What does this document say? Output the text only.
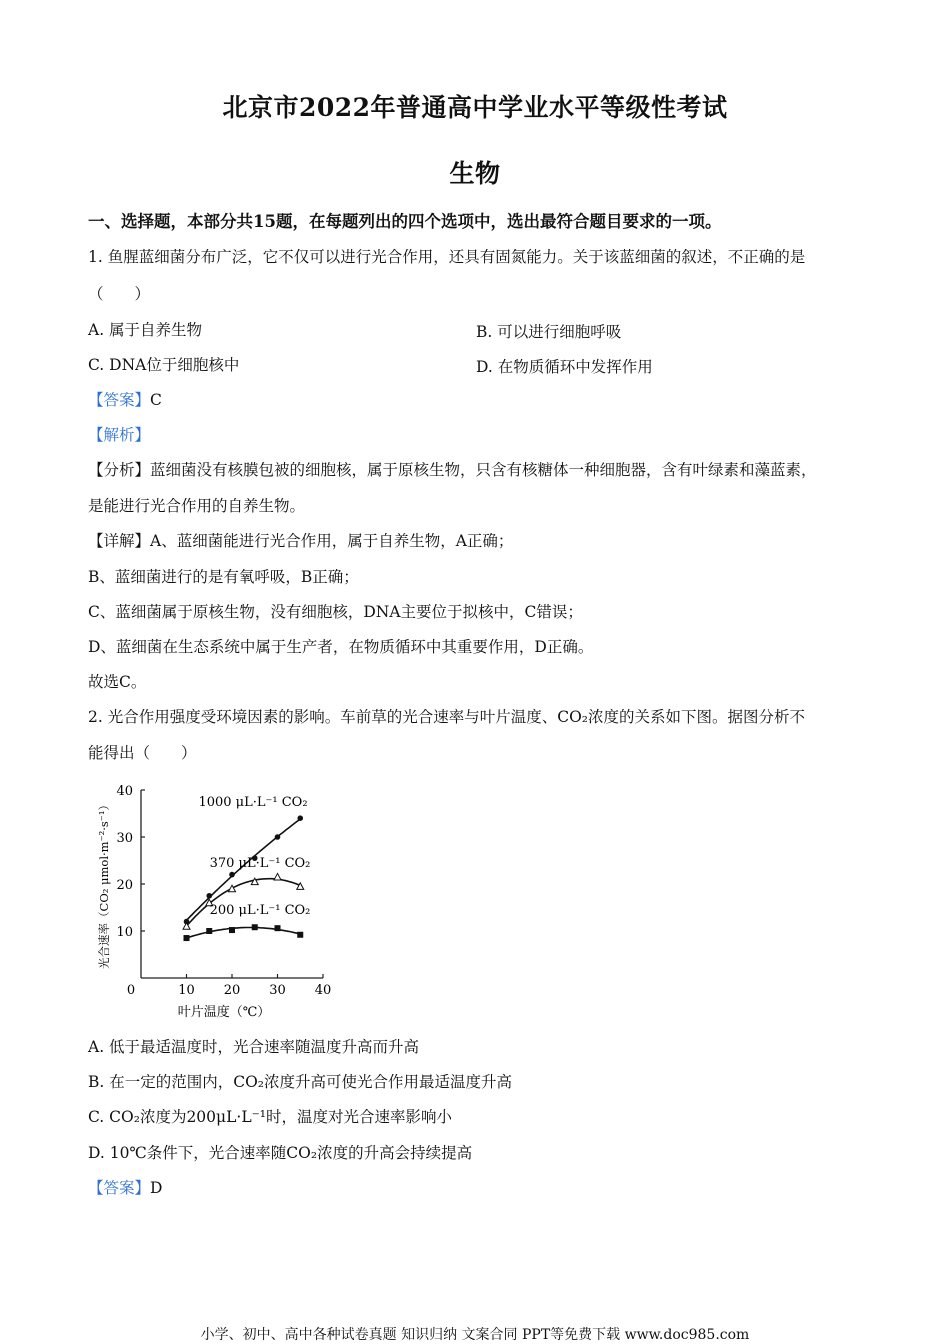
北京市2022年普通高中学业水平等级性考试
生物
一、选择题，本部分共15题，在每题列出的四个选项中，选出最符合题目要求的一项。
1. 鱼腥蓝细菌分布广泛，它不仅可以进行光合作用，还具有固氮能力。关于该蓝细菌的叙述，不正确的是
（　　）
A. 属于自养生物	B. 可以进行细胞呼吸
C. DNA位于细胞核中	D. 在物质循环中发挥作用
【答案】C
【解析】
【分析】蓝细菌没有核膜包被的细胞核，属于原核生物，只含有核糖体一种细胞器，含有叶绿素和藻蓝素，
是能进行光合作用的自养生物。
【详解】A、蓝细菌能进行光合作用，属于自养生物，A正确；
B、蓝细菌进行的是有氧呼吸，B正确；
C、蓝细菌属于原核生物，没有细胞核，DNA主要位于拟核中，C错误；
D、蓝细菌在生态系统中属于生产者，在物质循环中其重要作用，D正确。
故选C。
2. 光合作用强度受环境因素的影响。车前草的光合速率与叶片温度、CO₂浓度的关系如下图。据图分析不
能得出（　　）
10
20
30
40
0	10 20 30 40
叶片温度（℃）
光合速率（CO₂ μmol·m⁻²·s⁻¹）	1000 μL·L⁻¹ CO₂
370 μL·L⁻¹ CO₂
200 μL·L⁻¹ CO₂
A. 低于最适温度时，光合速率随温度升高而升高
B. 在一定的范围内，CO₂浓度升高可使光合作用最适温度升高
C. CO₂浓度为200μL·L⁻¹时，温度对光合速率影响小
D. 10℃条件下，光合速率随CO₂浓度的升高会持续提高
【答案】D
小学、初中、高中各种试卷真题 知识归纳 文案合同 PPT等免费下载 www.doc985.com
